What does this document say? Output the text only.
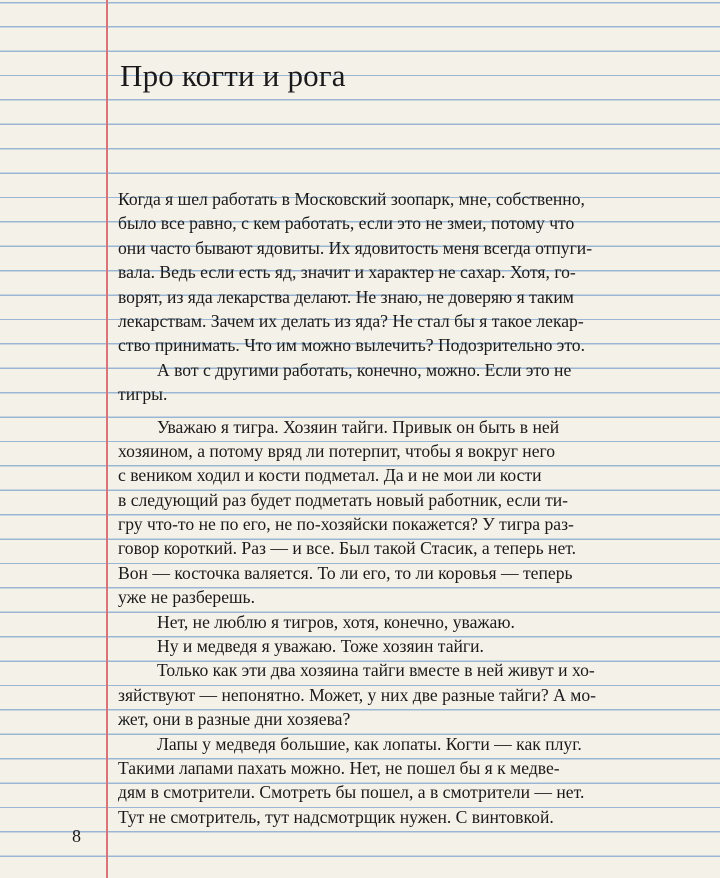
Про когти и рога
Когда я шел работать в Московский зоопарк, мне, собственно,
было все равно, с кем работать, если это не змеи, потому что
они часто бывают ядовиты. Их ядовитость меня всегда отпуги-
вала. Ведь если есть яд, значит и характер не сахар. Хотя, го-
ворят, из яда лекарства делают. Не знаю, не доверяю я таким
лекарствам. Зачем их делать из яда? Не стал бы я такое лекар-
ство принимать. Что им можно вылечить? Подозрительно это.
А вот с другими работать, конечно, можно. Если это не
тигры.
Уважаю я тигра. Хозяин тайги. Привык он быть в ней
хозяином, а потому вряд ли потерпит, чтобы я вокруг него
с веником ходил и кости подметал. Да и не мои ли кости
в следующий раз будет подметать новый работник, если ти-
гру что-то не по его, не по-хозяйски покажется? У тигра раз-
говор короткий. Раз — и все. Был такой Стасик, а теперь нет.
Вон — косточка валяется. То ли его, то ли коровья — теперь
уже не разберешь.
Нет, не люблю я тигров, хотя, конечно, уважаю.
Ну и медведя я уважаю. Тоже хозяин тайги.
Только как эти два хозяина тайги вместе в ней живут и хо-
зяйствуют — непонятно. Может, у них две разные тайги? А мо-
жет, они в разные дни хозяева?
Лапы у медведя большие, как лопаты. Когти — как плуг.
Такими лапами пахать можно. Нет, не пошел бы я к медве-
дям в смотрители. Смотреть бы пошел, а в смотрители — нет.
Тут не смотритель, тут надсмотрщик нужен. С винтовкой.
8
